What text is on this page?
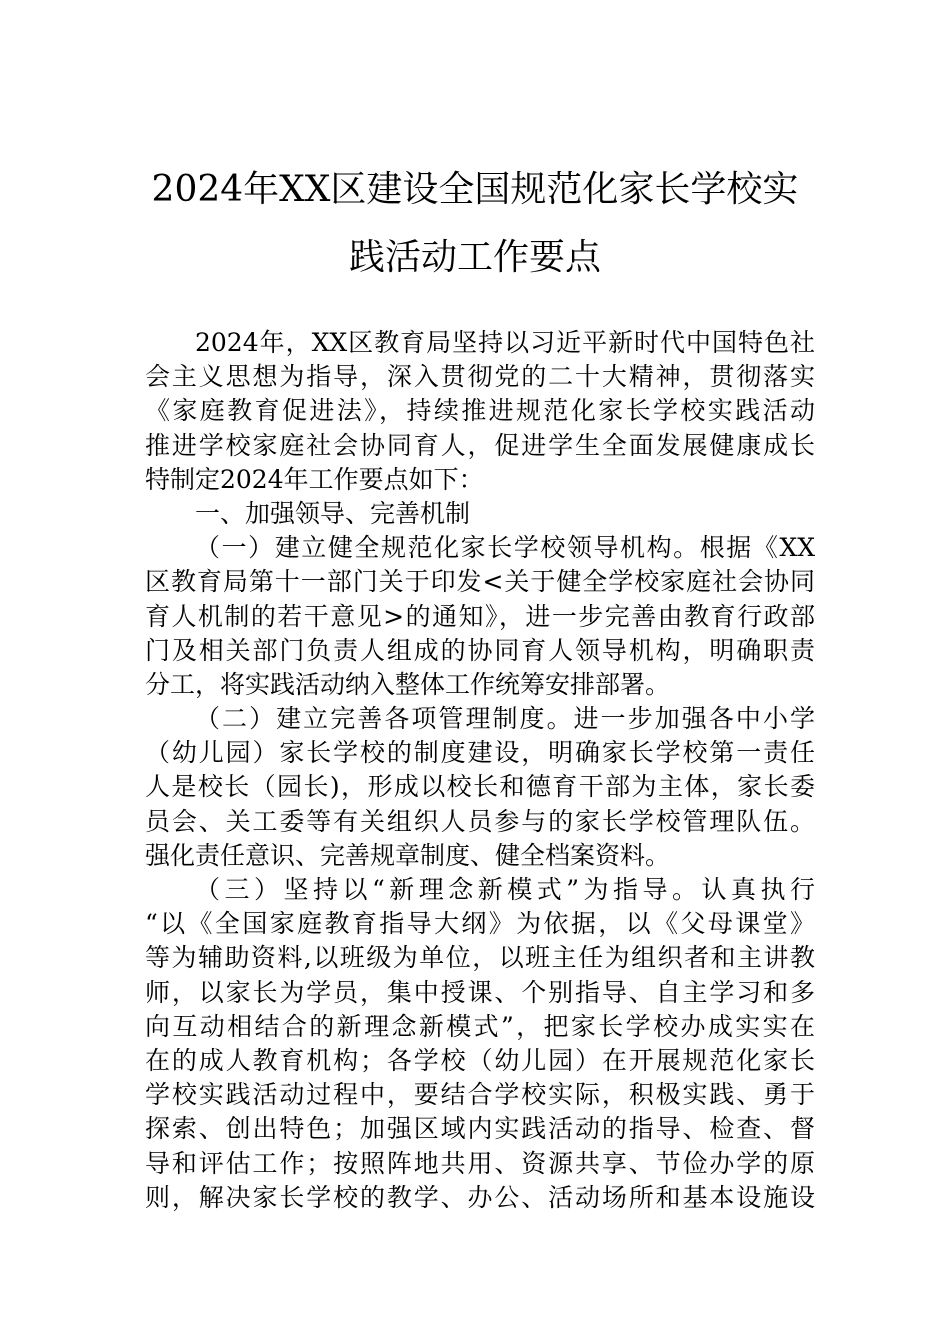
2024年XX区建设全国规范化家长学校实
践活动工作要点
2024年，XX区教育局坚持以习近平新时代中国特色社
会主义思想为指导，深入贯彻党的二十大精神，贯彻落实
《家庭教育促进法》，持续推进规范化家长学校实践活动
推进学校家庭社会协同育人，促进学生全面发展健康成长
特制定2024年工作要点如下：
一、加强领导、完善机制
（一）建立健全规范化家长学校领导机构。根据《XX
区教育局第十一部门关于印发<关于健全学校家庭社会协同
育人机制的若干意见>的通知》，进一步完善由教育行政部
门及相关部门负责人组成的协同育人领导机构，明确职责
分工，将实践活动纳入整体工作统筹安排部署。
（二）建立完善各项管理制度。进一步加强各中小学
（幼儿园）家长学校的制度建设，明确家长学校第一责任
人是校长（园长)，形成以校长和德育干部为主体，家长委
员会、关工委等有关组织人员参与的家长学校管理队伍。
强化责任意识、完善规章制度、健全档案资料。
（三）坚持以“新理念新模式”为指导。认真执行
“以《全国家庭教育指导大纲》为依据，以《父母课堂》
等为辅助资料,以班级为单位，以班主任为组织者和主讲教
师，以家长为学员，集中授课、个别指导、自主学习和多
向互动相结合的新理念新模式”，把家长学校办成实实在
在的成人教育机构；各学校（幼儿园）在开展规范化家长
学校实践活动过程中，要结合学校实际，积极实践、勇于
探索、创出特色；加强区域内实践活动的指导、检查、督
导和评估工作；按照阵地共用、资源共享、节俭办学的原
则，解决家长学校的教学、办公、活动场所和基本设施设
